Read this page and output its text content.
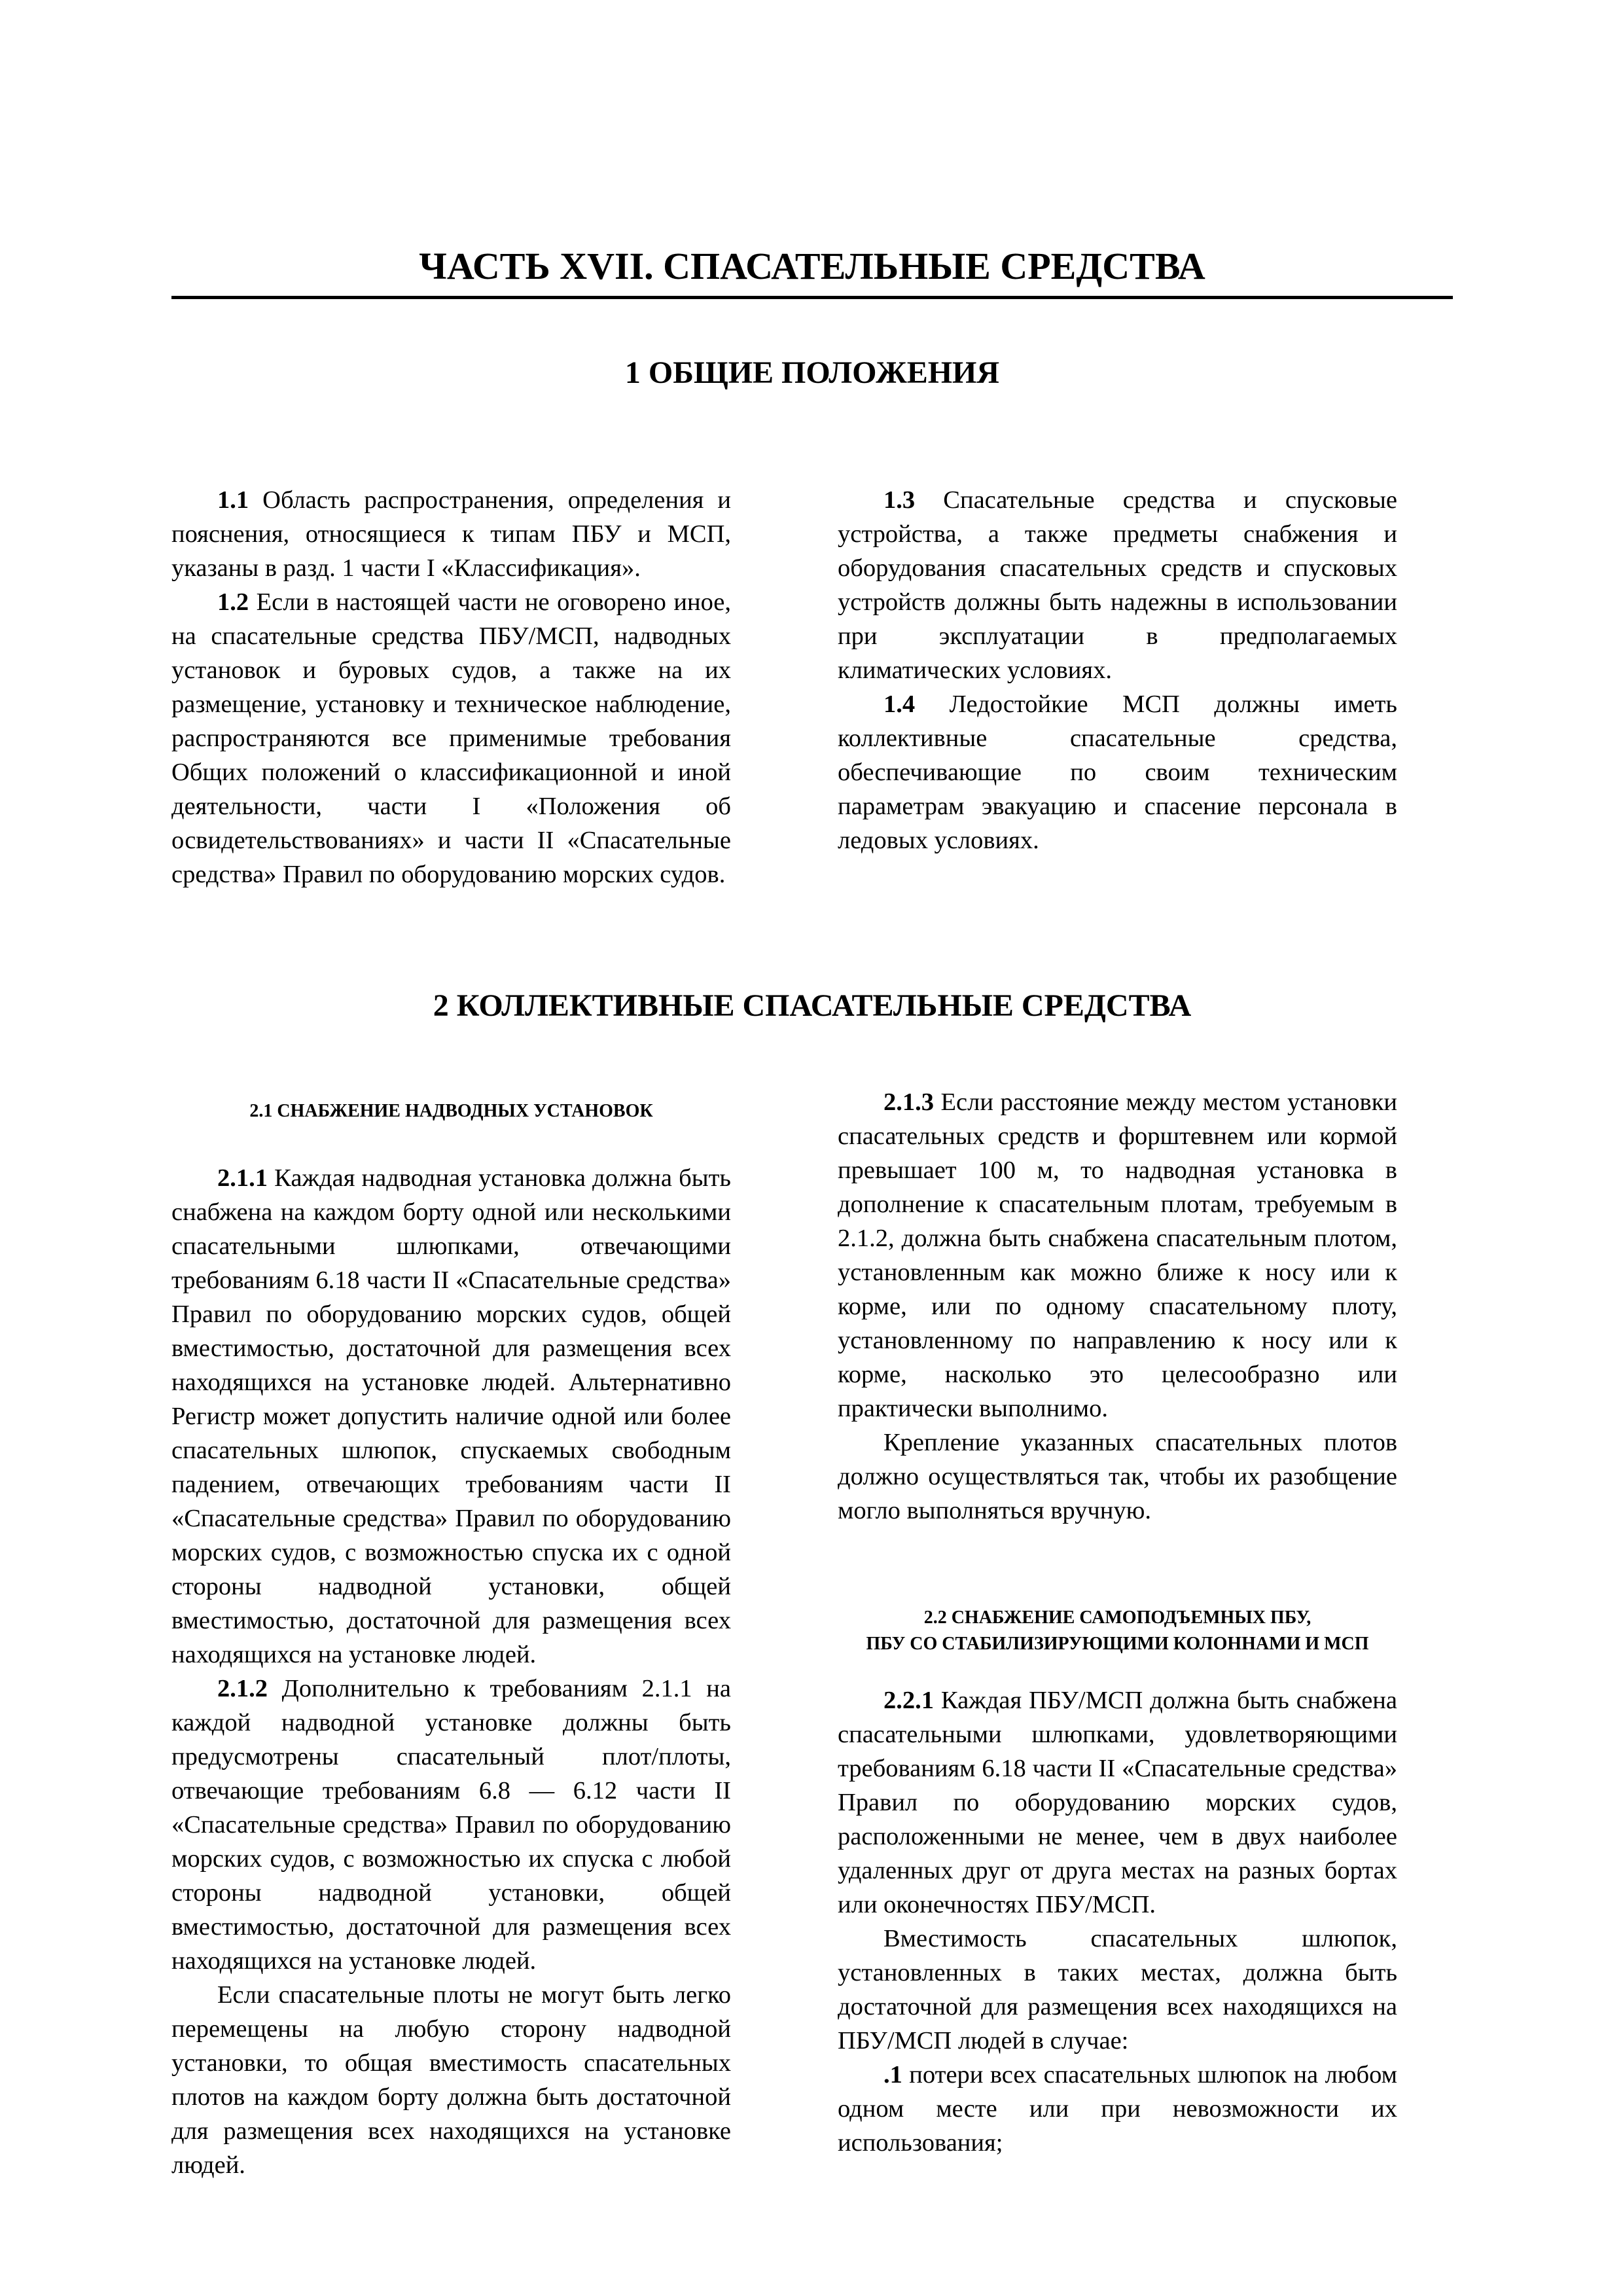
ЧАСТЬ XVII. СПАСАТЕЛЬНЫЕ СРЕДСТВА
1 ОБЩИЕ ПОЛОЖЕНИЯ

1.1 Область распространения, определения и пояснения, относящиеся к типам ПБУ и МСП, указаны в разд. 1 части I «Классификация».

1.2 Если в настоящей части не оговорено иное, на спасательные средства ПБУ/МСП, надводных установок и буровых судов, а также на их размещение, установку и техническое наблюдение, распространяются все применимые требования Общих положений о классификационной и иной деятельности, части I «Положения об освидетельствованиях» и части II «Спасательные средства» Правил по оборудованию морских судов.

1.3 Спасательные средства и спусковые устройства, а также предметы снабжения и оборудования спасательных средств и спусковых устройств должны быть надежны в использовании при эксплуатации в предполагаемых климатических условиях.

1.4 Ледостойкие МСП должны иметь коллективные спасательные средства, обеспечивающие по своим техническим параметрам эвакуацию и спасение персонала в ледовых условиях.

2 КОЛЛЕКТИВНЫЕ СПАСАТЕЛЬНЫЕ СРЕДСТВА

2.1 СНАБЖЕНИЕ НАДВОДНЫХ УСТАНОВОК

2.1.1 Каждая надводная установка должна быть снабжена на каждом борту одной или несколькими спасательными шлюпками, отвечающими требованиям 6.18 части II «Спасательные средства» Правил по оборудованию морских судов, общей вместимостью, достаточной для размещения всех находящихся на установке людей. Альтернативно Регистр может допустить наличие одной или более спасательных шлюпок, спускаемых свободным падением, отвечающих требованиям части II «Спасательные средства» Правил по оборудованию морских судов, с возможностью спуска их с одной стороны надводной установки, общей вместимостью, достаточной для размещения всех находящихся на установке людей.

2.1.2 Дополнительно к требованиям 2.1.1 на каждой надводной установке должны быть предусмотрены спасательный плот/плоты, отвечающие требованиям 6.8 — 6.12 части II «Спасательные средства» Правил по оборудованию морских судов, с возможностью их спуска с любой стороны надводной установки, общей вместимостью, достаточной для размещения всех находящихся на установке людей.

Если спасательные плоты не могут быть легко перемещены на любую сторону надводной установки, то общая вместимость спасательных плотов на каждом борту должна быть достаточной для размещения всех находящихся на установке людей.

2.1.3 Если расстояние между местом установки спасательных средств и форштевнем или кормой превышает 100 м, то надводная установка в дополнение к спасательным плотам, требуемым в 2.1.2, должна быть снабжена спасательным плотом, установленным как можно ближе к носу или к корме, или по одному спасательному плоту, установленному по направлению к носу или к корме, насколько это целесообразно или практически выполнимо.

Крепление указанных спасательных плотов должно осуществляться так, чтобы их разобщение могло выполняться вручную.

2.2 СНАБЖЕНИЕ САМОПОДЪЕМНЫХ ПБУ,
ПБУ СО СТАБИЛИЗИРУЮЩИМИ КОЛОННАМИ И МСП

2.2.1 Каждая ПБУ/МСП должна быть снабжена спасательными шлюпками, удовлетворяющими требованиям 6.18 части II «Спасательные средства» Правил по оборудованию морских судов, расположенными не менее, чем в двух наиболее удаленных друг от друга местах на разных бортах или оконечностях ПБУ/МСП.

Вместимость спасательных шлюпок, установленных в таких местах, должна быть достаточной для размещения всех находящихся на ПБУ/МСП людей в случае:

.1 потери всех спасательных шлюпок на любом одном месте или при невозможности их использования;
